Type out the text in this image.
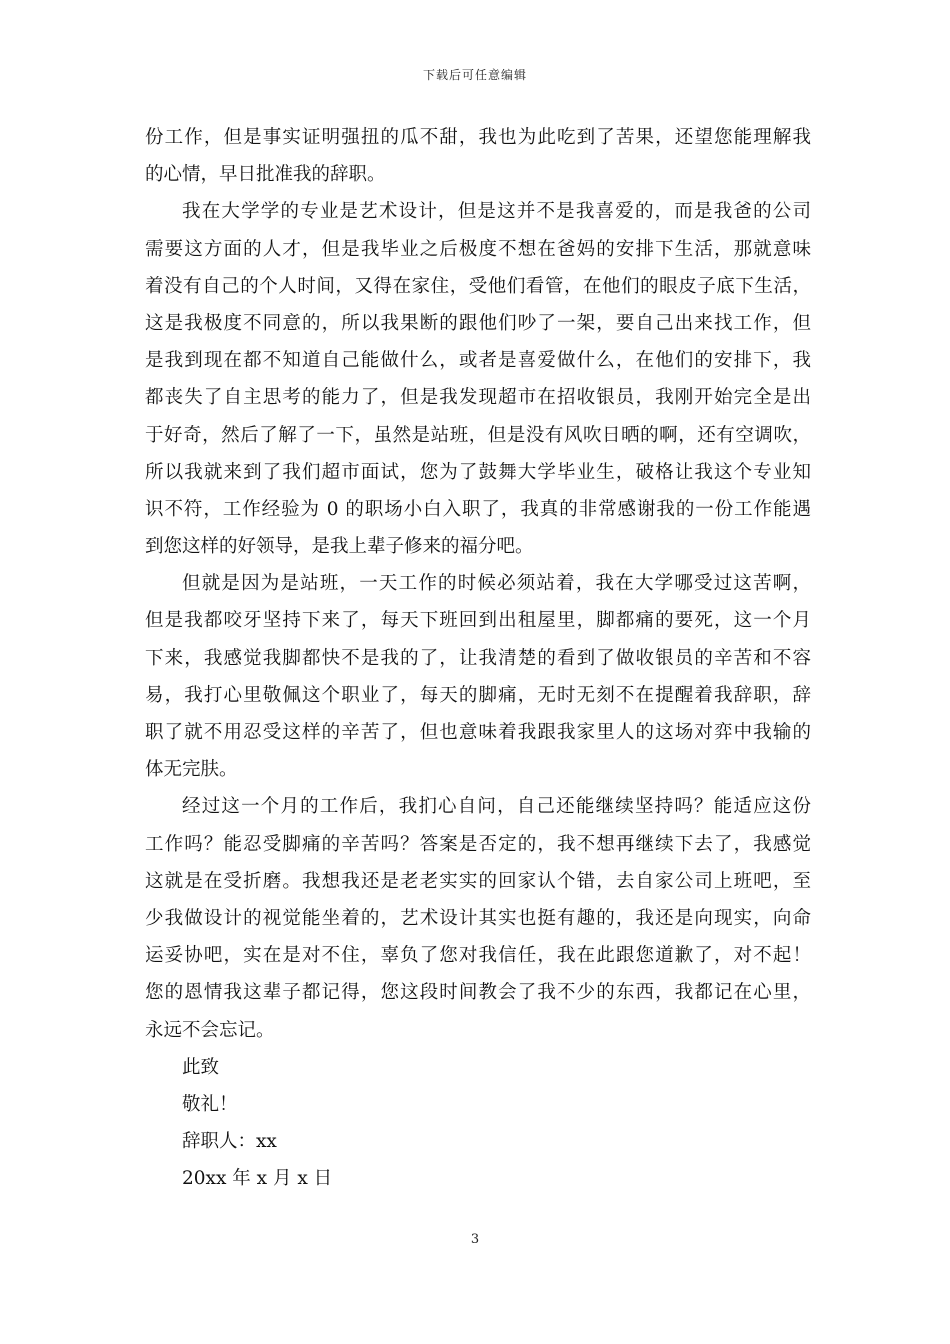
下载后可任意编辑
份工作，但是事实证明强扭的瓜不甜，我也为此吃到了苦果，还望您能理解我
的心情，早日批准我的辞职。
我在大学学的专业是艺术设计，但是这并不是我喜爱的，而是我爸的公司
需要这方面的人才，但是我毕业之后极度不想在爸妈的安排下生活，那就意味
着没有自己的个人时间，又得在家住，受他们看管，在他们的眼皮子底下生活，
这是我极度不同意的，所以我果断的跟他们吵了一架，要自己出来找工作，但
是我到现在都不知道自己能做什么，或者是喜爱做什么，在他们的安排下，我
都丧失了自主思考的能力了，但是我发现超市在招收银员，我刚开始完全是出
于好奇，然后了解了一下，虽然是站班，但是没有风吹日晒的啊，还有空调吹，
所以我就来到了我们超市面试，您为了鼓舞大学毕业生，破格让我这个专业知
识不符，工作经验为 0 的职场小白入职了，我真的非常感谢我的一份工作能遇
到您这样的好领导，是我上辈子修来的福分吧。
但就是因为是站班，一天工作的时候必须站着，我在大学哪受过这苦啊，
但是我都咬牙坚持下来了，每天下班回到出租屋里，脚都痛的要死，这一个月
下来，我感觉我脚都快不是我的了，让我清楚的看到了做收银员的辛苦和不容
易，我打心里敬佩这个职业了，每天的脚痛，无时无刻不在提醒着我辞职，辞
职了就不用忍受这样的辛苦了，但也意味着我跟我家里人的这场对弈中我输的
体无完肤。
经过这一个月的工作后，我扪心自问，自己还能继续坚持吗？能适应这份
工作吗？能忍受脚痛的辛苦吗？答案是否定的，我不想再继续下去了，我感觉
这就是在受折磨。我想我还是老老实实的回家认个错，去自家公司上班吧，至
少我做设计的视觉能坐着的，艺术设计其实也挺有趣的，我还是向现实，向命
运妥协吧，实在是对不住，辜负了您对我信任，我在此跟您道歉了，对不起！
您的恩情我这辈子都记得，您这段时间教会了我不少的东西，我都记在心里，
永远不会忘记。
此致
敬礼！
辞职人：xx
20xx 年 x 月 x 日
3
